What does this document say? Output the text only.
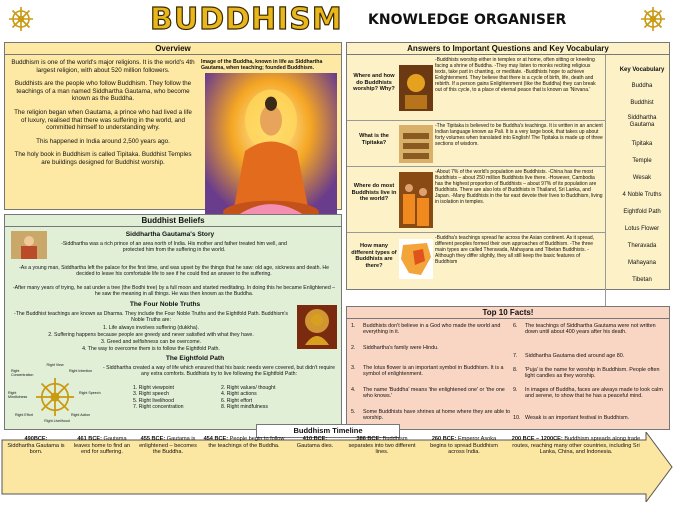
BUDDHISM KNOWLEDGE ORGANISER
Overview

Buddhism is one of the world's major religions. It is the world's 4th largest religion, with about 520 million followers.

Buddhists are the people who follow Buddhism. They follow the teachings of a man named Siddhartha Gautama, who become known as the Buddha.

The religion began when Gautama, a prince who had lived a life of luxury, realised that there was suffering in the world, and committed himself to understanding why.

This happened in India around 2,500 years ago.

The holy book in Buddhism is called Tipitaka. Buddhist Temples are buildings designed for Buddhist worship.

Image of the Buddha, known in life as Siddhartha Gautama, when teaching; founded Buddhism.
Buddhist Beliefs
Siddhartha Gautama's Story
-Siddhartha was a rich prince of an area north of India. His mother and father treated him well, and protected him from the suffering in the world.
-As a young man, Siddhartha left the palace for the first time, and was upset by the things that he saw: old age, sickness and death. He decided to leave his comfortable life to see if he could find an answer to the suffering.
-After many years of trying, he sat under a tree (the Bodhi tree) by a full moon and started meditating. In doing this he became Enlightened – he saw the meaning in all things. He was then known as the Buddha.
The Four Noble Truths
-The Buddhist teachings are known as Dharma. They include the Four Noble Truths and the Eightfold Path. Buddhism's Noble Truths are:
1. Life always involves suffering (dukkha).
2. Suffering happens because people are greedy and never satisfied with what they have.
3. Greed and selfishness can be overcome.
4. The way to overcome them is to follow the Eightfold Path.
The Eightfold Path
Right View
Right Intention
Right Speech
Right Action
Right Livelihood
Right Effort
Right Mindfulness
Right Concentration
- Siddhartha created a way of life which ensured that his basic needs were covered, but didn't require any extra comforts. Buddhists try to live following the Eightfold Path:
1. Right viewpoint
3. Right speech
5. Right livelihood
7. Right concentration
2. Right values/ thought
4. Right actions
6. Right effort
8. Right mindfulness
Answers to Important Questions and Key Vocabulary
Where and how do Buddhists worship? Why?
-Buddhists worship either in temples or at home, often sitting or kneeling facing a shrine of Buddha. -They may listen to monks reciting religious texts, take part in chanting, or meditate. -Buddhists hope to achieve Enlightenment. They believe that there is a cycle of birth, life, death and rebirth. If a person gains Enlightenment (like the Buddha) they can break out of this cycle, to a place of eternal peace that is known as 'Nirvana.'
What is the Tipitaka?
-The Tipitaka is believed to be Buddha's teachings. It is written in an ancient Indian language known as Pali. It is a very large book, that takes up about forty volumes when translated into English! The Tipitaka is made up of three sections of wisdom.
Where do most Buddhists live in the world?
-About 7% of the world's population are Buddhists. -China has the most Buddhists – about 250 million Buddhists live there. -However, Cambodia has the highest proportion of Buddhists – about 97% of its population are Buddhists. There are also lots of Buddhists in Thailand, Sri Lanka, and Japan. -Many Buddhists in the far east devote their lives to Buddhism, living in isolation in temples.
How many different types of Buddhists are there?
-Buddha's teachings spread far across the Asian continent. As it spread, different peoples formed their own approaches of Buddhism. -The three main types are called Theravada, Mahayana and Tibetan Buddhists. -Although they differ slightly, they all still keep the basic features of Buddhism
Key Vocabulary
Buddha
Buddhist
Siddhartha Gautama
Tipitaka
Temple
Wesak
4 Noble Truths
Eightfold Path
Lotus Flower
Theravada
Mahayana
Tibetan
Top 10 Facts!
1.	Buddhists don't believe in a God who made the world and everything in it.
2.	Siddhartha's family were Hindu.
3.	The lotus flower is an important symbol in Buddhism. It is a symbol of enlightenment.
4.	The name 'Buddha' means 'the enlightened one' or 'the one who knows.'
5.	Some Buddhists have shrines at home where they are able to worship.
6.	The teachings of Siddhartha Gautama were not written down until about 400 years after his death.
7.	Siddhartha Gautama died around age 80.
8.	'Puja' is the name for worship in Buddhism. People often light candles as they worship.
9.	In images of Buddha, faces are always made to look calm and serene, to show that he has a peaceful mind.
10. Wesak is an important festival in Buddhism.
Buddhism Timeline
490BCE:
Siddhartha Gautama is born.
461 BCE: Gautama leaves home to find an end for suffering.
455 BCE: Gautama is enlightened – becomes the Buddha.
454 BCE: People begin to follow the teachings of the Buddha.
410 BCE:
Gautama dies.
386 BCE: Buddhism separates into two different lines.
260 BCE: Emperor Asoka begins to spread Buddhism across India.
200 BCE – 1200CE: Buddhism spreads along trade routes, reaching many other countries, including Sri Lanka, China, and Indonesia.
